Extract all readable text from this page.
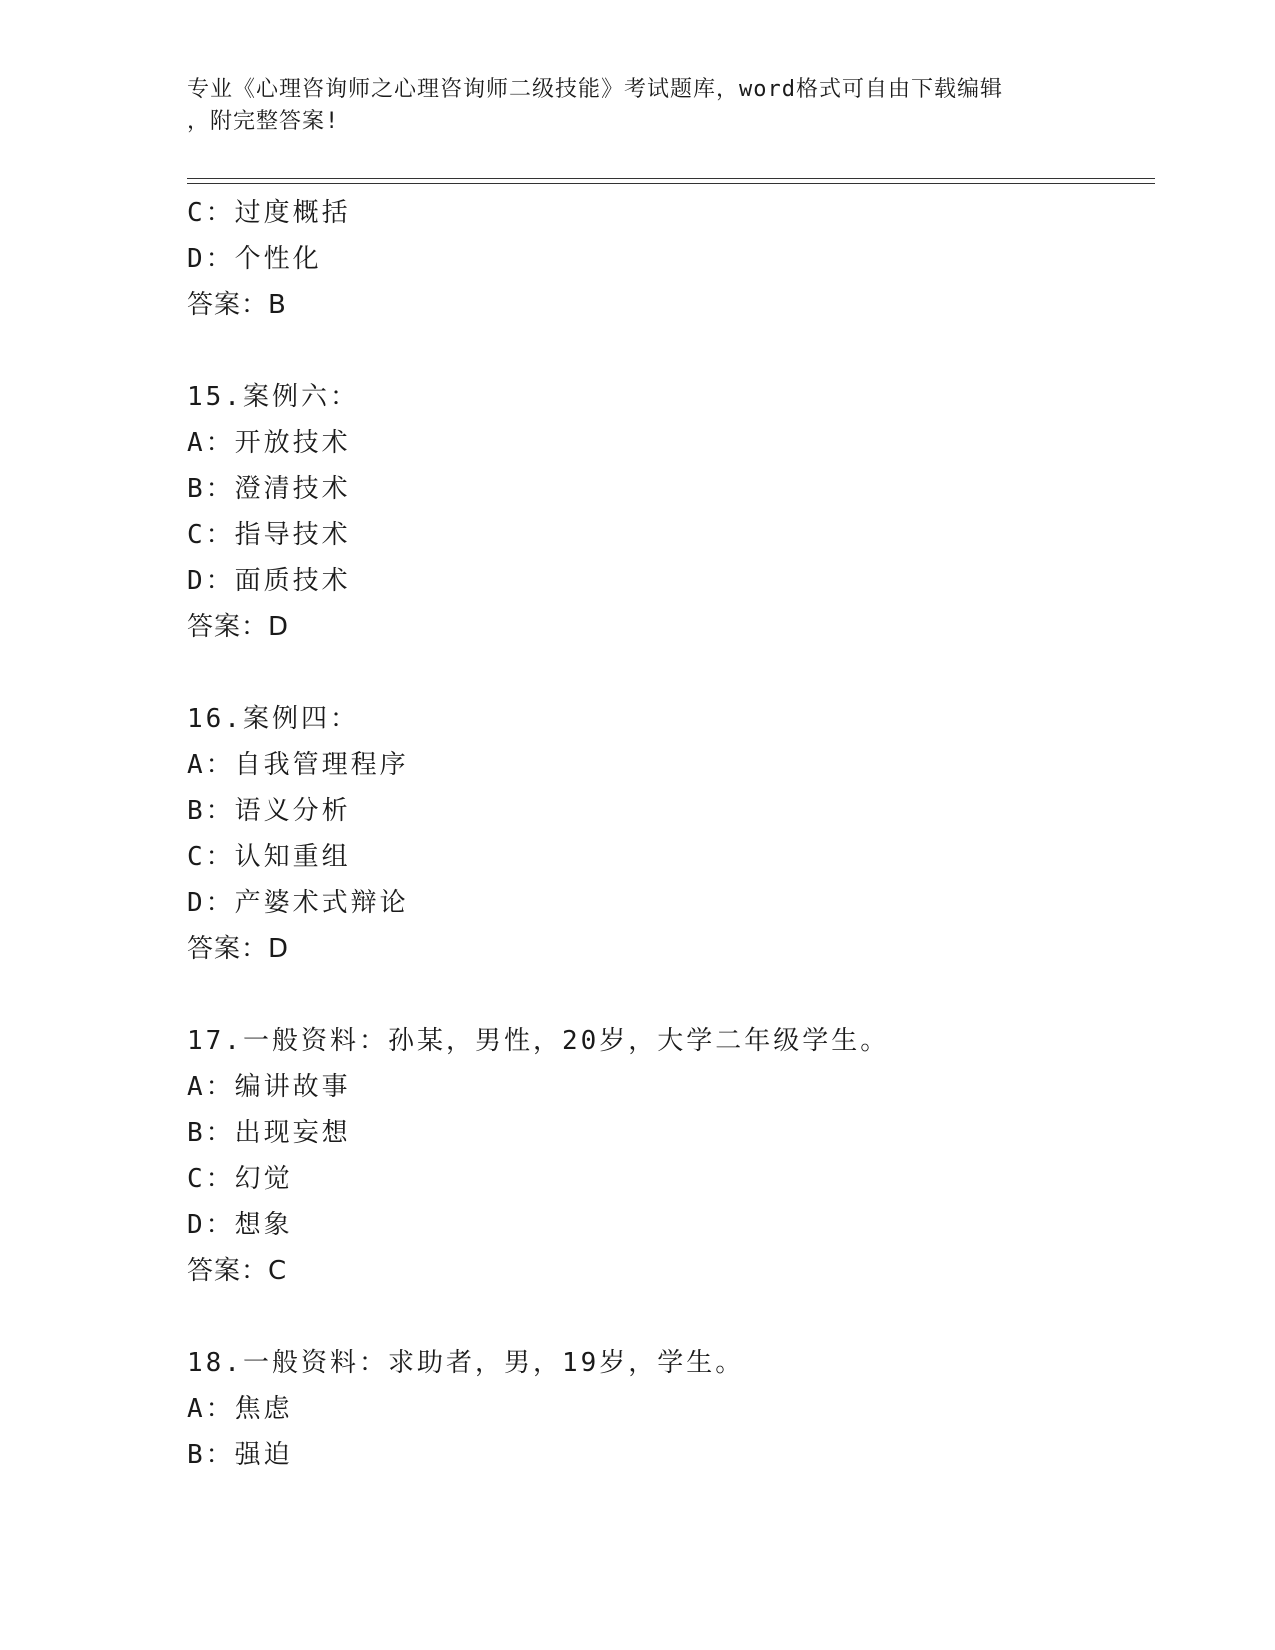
专业《心理咨询师之心理咨询师二级技能》考试题库，word格式可自由下载编辑
，附完整答案!
C：过度概括
D：个性化
答案：B
15.案例六：
A：开放技术
B：澄清技术
C：指导技术
D：面质技术
答案：D
16.案例四：
A：自我管理程序
B：语义分析
C：认知重组
D：产婆术式辩论
答案：D
17.一般资料：孙某，男性，20岁，大学二年级学生。
A：编讲故事
B：出现妄想
C：幻觉
D：想象
答案：C
18.一般资料：求助者，男，19岁，学生。
A：焦虑
B：强迫
